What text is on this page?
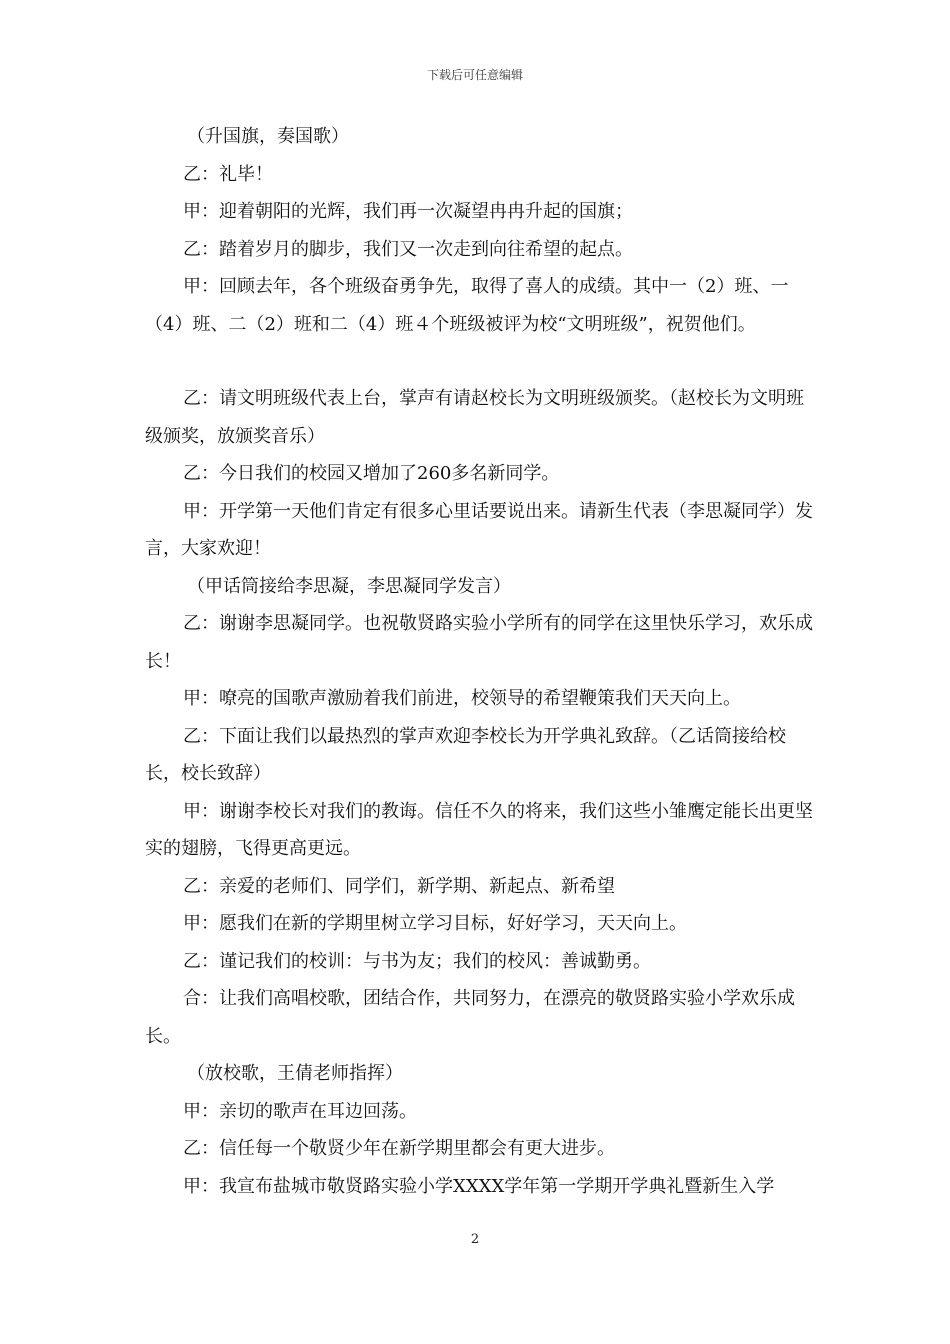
下载后可任意编辑

（升国旗，奏国歌）

乙：礼毕！

甲：迎着朝阳的光辉，我们再一次凝望冉冉升起的国旗；

乙：踏着岁月的脚步，我们又一次走到向往希望的起点。

甲：回顾去年，各个班级奋勇争先，取得了喜人的成绩。其中一（2）班、一（4）班、二（2）班和二（4）班４个班级被评为校“文明班级”，祝贺他们。

乙：请文明班级代表上台，掌声有请赵校长为文明班级颁奖。（赵校长为文明班级颁奖，放颁奖音乐）

乙：今日我们的校园又增加了260多名新同学。

甲：开学第一天他们肯定有很多心里话要说出来。请新生代表（李思凝同学）发言，大家欢迎！

（甲话筒接给李思凝，李思凝同学发言）

乙：谢谢李思凝同学。也祝敬贤路实验小学所有的同学在这里快乐学习，欢乐成长！

甲：嘹亮的国歌声激励着我们前进，校领导的希望鞭策我们天天向上。

乙：下面让我们以最热烈的掌声欢迎李校长为开学典礼致辞。（乙话筒接给校长，校长致辞）

甲：谢谢李校长对我们的教诲。信任不久的将来，我们这些小雏鹰定能长出更坚实的翅膀，飞得更高更远。

乙：亲爱的老师们、同学们，新学期、新起点、新希望

甲：愿我们在新的学期里树立学习目标，好好学习，天天向上。

乙：谨记我们的校训：与书为友；我们的校风：善诚勤勇。

合：让我们高唱校歌，团结合作，共同努力，在漂亮的敬贤路实验小学欢乐成长。

（放校歌，王倩老师指挥）

甲：亲切的歌声在耳边回荡。

乙：信任每一个敬贤少年在新学期里都会有更大进步。

甲：我宣布盐城市敬贤路实验小学XXXX学年第一学期开学典礼暨新生入学

2
